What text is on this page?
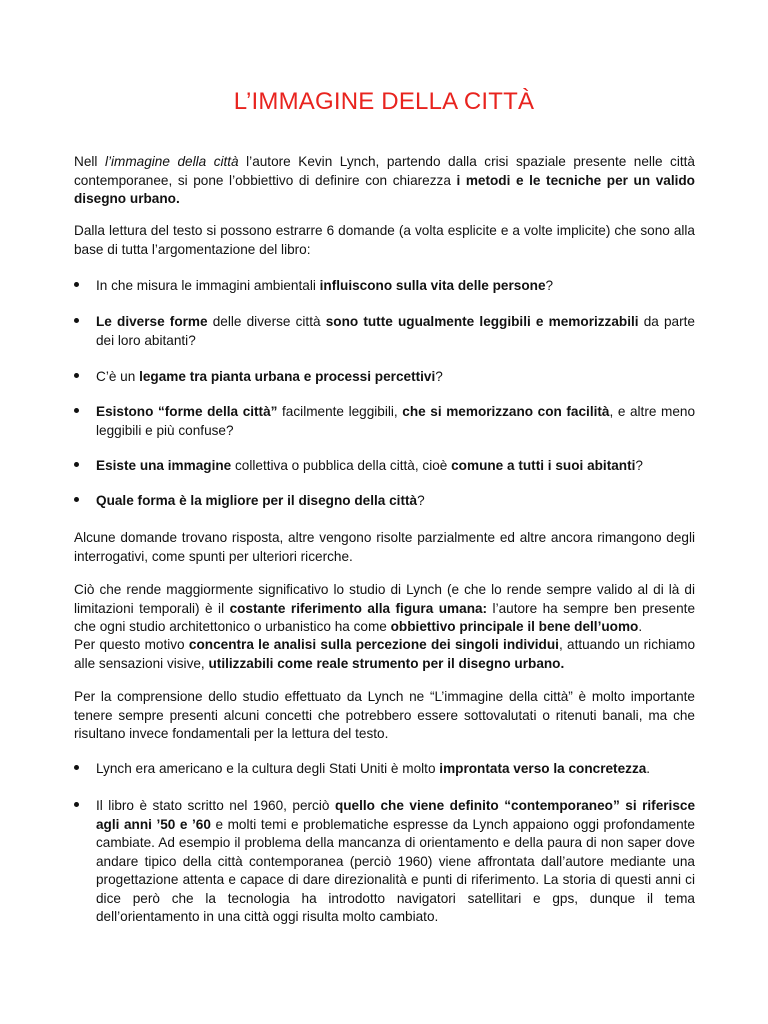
L’IMMAGINE DELLA CITTÀ

Nell l’immagine della città l’autore Kevin Lynch, partendo dalla crisi spaziale presente nelle città contemporanee, si pone l’obbiettivo di definire con chiarezza i metodi e le tecniche per un valido disegno urbano.

Dalla lettura del testo si possono estrarre 6 domande (a volta esplicite e a volte implicite) che sono alla base di tutta l’argomentazione del libro:

In che misura le immagini ambientali influiscono sulla vita delle persone?

Le diverse forme delle diverse città sono tutte ugualmente leggibili e memorizzabili da parte dei loro abitanti?

C’è un legame tra pianta urbana e processi percettivi?

Esistono “forme della città” facilmente leggibili, che si memorizzano con facilità, e altre meno leggibili e più confuse?

Esiste una immagine collettiva o pubblica della città, cioè comune a tutti i suoi abitanti?

Quale forma è la migliore per il disegno della città?

Alcune domande trovano risposta, altre vengono risolte parzialmente ed altre ancora rimangono degli interrogativi, come spunti per ulteriori ricerche.

Ciò che rende maggiormente significativo lo studio di Lynch (e che lo rende sempre valido al di là di limitazioni temporali) è il costante riferimento alla figura umana: l’autore ha sempre ben presente che ogni studio architettonico o urbanistico ha come obbiettivo principale il bene dell’uomo.

Per questo motivo concentra le analisi sulla percezione dei singoli individui, attuando un richiamo alle sensazioni visive, utilizzabili come reale strumento per il disegno urbano.

Per la comprensione dello studio effettuato da Lynch ne “L’immagine della città” è molto importante tenere sempre presenti alcuni concetti che potrebbero essere sottovalutati o ritenuti banali, ma che risultano invece fondamentali per la lettura del testo.

Lynch era americano e la cultura degli Stati Uniti è molto improntata verso la concretezza.

Il libro è stato scritto nel 1960, perciò quello che viene definito “contemporaneo” si riferisce agli anni ’50 e ’60 e molti temi e problematiche espresse da Lynch appaiono oggi profondamente cambiate. Ad esempio il problema della mancanza di orientamento e della paura di non saper dove andare tipico della città contemporanea (perciò 1960) viene affrontata dall’autore mediante una progettazione attenta e capace di dare direzionalità e punti di riferimento. La storia di questi anni ci dice però che la tecnologia ha introdotto navigatori satellitari e gps, dunque il tema dell’orientamento in una città oggi risulta molto cambiato.
